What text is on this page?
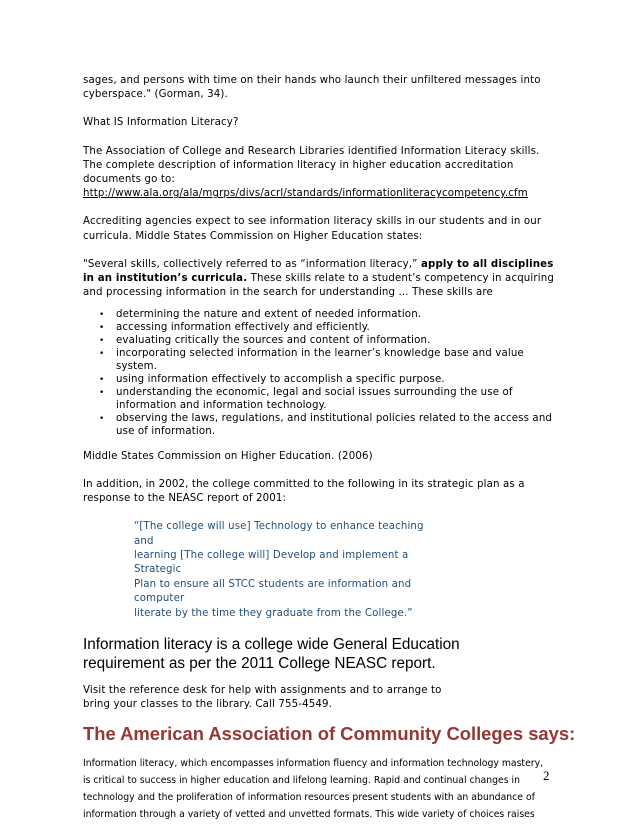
sages, and persons with time on their hands who launch their unfiltered messages into
cyberspace." (Gorman, 34).
What IS Information Literacy?
The Association of College and Research Libraries identified Information Literacy skills.
The complete description of information literacy in higher education accreditation
documents go to:
http://www.ala.org/ala/mgrps/divs/acrl/standards/informationliteracycompetency.cfm
Accrediting agencies expect to see information literacy skills in our students and in our
curricula. Middle States Commission on Higher Education states:
"Several skills, collectively referred to as “information literacy,” apply to all disciplines
in an institution’s curricula. These skills relate to a student’s competency in acquiring
and processing information in the search for understanding ... These skills are
• determining the nature and extent of needed information.
• accessing information effectively and efficiently.
• evaluating critically the sources and content of information.
• incorporating selected information in the learner’s knowledge base and value
system.
• using information effectively to accomplish a specific purpose.
• understanding the economic, legal and social issues surrounding the use of
information and information technology.
• observing the laws, regulations, and institutional policies related to the access and
use of information.
Middle States Commission on Higher Education. (2006)
In addition, in 2002, the college committed to the following in its strategic plan as a
response to the NEASC report of 2001:
“[The college will use] Technology to enhance teaching and
learning [The college will] Develop and implement a Strategic
Plan to ensure all STCC students are information and computer
literate by the time they graduate from the College.”
Information literacy is a college wide General Education
requirement as per the 2011 College NEASC report.
Visit the reference desk for help with assignments and to arrange to
bring your classes to the library. Call 755-4549.
The American Association of Community Colleges says:
Information literacy, which encompasses information fluency and information technology mastery,
is critical to success in higher education and lifelong learning. Rapid and continual changes in
technology and the proliferation of information resources present students with an abundance of
information through a variety of vetted and unvetted formats. This wide variety of choices raises
2
